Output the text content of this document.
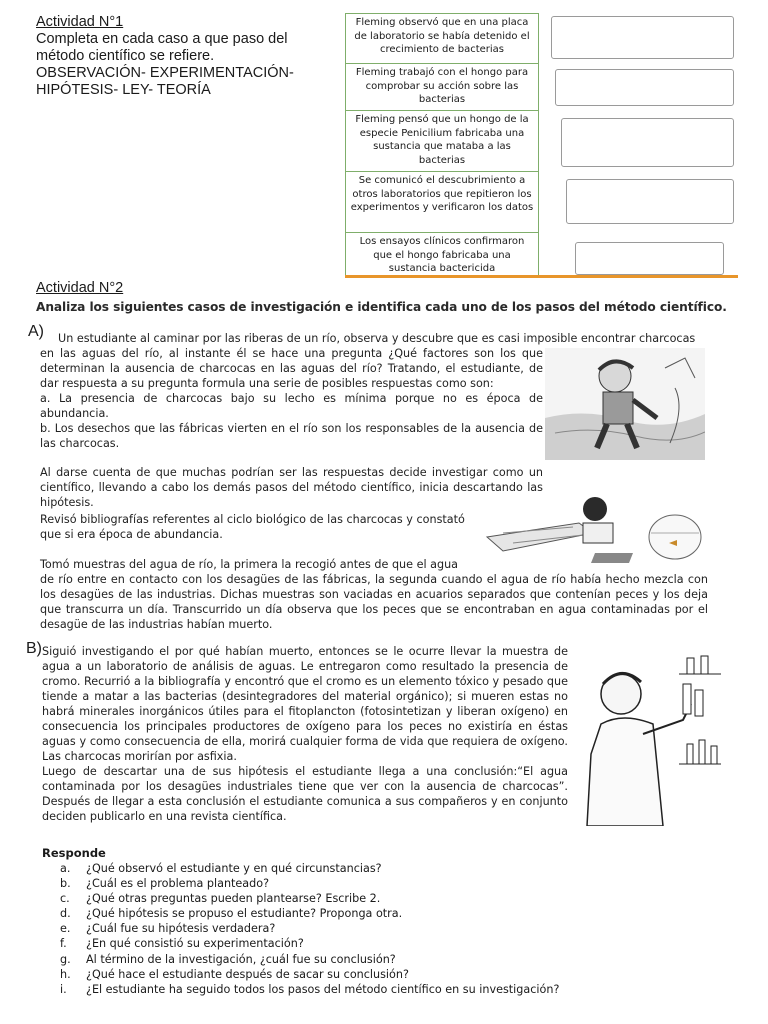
Actividad N°1
Completa en cada caso a que paso del método científico se refiere.
OBSERVACIÓN- EXPERIMENTACIÓN- HIPÓTESIS- LEY- TEORÍA
Fleming observó que en una placa de laboratorio se había detenido el crecimiento de bacterias
Fleming trabajó con el hongo para comprobar su acción sobre las bacterias
Fleming pensó que un hongo de la especie Penicilium fabricaba una sustancia que mataba a las bacterias
Se comunicó el descubrimiento a otros laboratorios que repitieron los experimentos y verificaron los datos
Los ensayos clínicos confirmaron que el hongo fabricaba una sustancia bactericida
Actividad N°2
Analiza los siguientes casos de investigación e identifica cada uno de los pasos del método científico.
A) Un estudiante al caminar por las riberas de un río, observa y descubre que es casi imposible encontrar charcocas

en las aguas del río, al instante él se hace una pregunta ¿Qué factores son los que determinan la ausencia de charcocas en las aguas del río? Tratando, el estudiante, de dar respuesta a su pregunta formula una serie de posibles respuestas como son:

a. La presencia de charcocas bajo su lecho es mínima porque no es época de abundancia.

b. Los desechos que las fábricas vierten en el río son los responsables de la ausencia de las charcocas.

Al darse cuenta de que muchas podrían ser las respuestas decide investigar como un científico, llevando a cabo los demás pasos del método científico, inicia descartando las hipótesis.

Revisó bibliografías referentes al ciclo biológico de las charcocas y constató que si era época de abundancia.
Tomó muestras del agua de río, la primera la recogió antes de que el agua
de río entre en contacto con los desagües de las fábricas, la segunda cuando el agua de río había hecho mezcla con los desagües de las industrias. Dichas muestras son vaciadas en acuarios separados que contenían peces y los deja que transcurra un día. Transcurrido un día observa que los peces que se encontraban en agua contaminadas por el desagüe de las industrias habían muerto.
B) Siguió investigando el por qué habían muerto, entonces se le ocurre llevar la muestra de agua a un laboratorio de análisis de aguas. Le entregaron como resultado la presencia de cromo. Recurrió a la bibliografía y encontró que el cromo es un elemento tóxico y pesado que tiende a matar a las bacterias (desintegradores del material orgánico); si mueren estas no habrá minerales inorgánicos útiles para el fitoplancton (fotosintetizan y liberan oxígeno) en consecuencia los principales productores de oxígeno para los peces no existiría en éstas aguas y como consecuencia de ella, morirá cualquier forma de vida que requiera de oxígeno. Las charcocas morirían por asfixia.

Luego de descartar una de sus hipótesis el estudiante llega a una conclusión:“El agua contaminada por los desagües industriales tiene que ver con la ausencia de charcocas”. Después de llegar a esta conclusión el estudiante comunica a sus compañeros y en conjunto deciden publicarlo en una revista científica.

Responde
a.	¿Qué observó el estudiante y en qué circunstancias?
b.	¿Cuál es el problema planteado?
c.	¿Qué otras preguntas pueden plantearse? Escribe 2.
d.	¿Qué hipótesis se propuso el estudiante? Proponga otra.
e.	¿Cuál fue su hipótesis verdadera?
f.	¿En qué consistió su experimentación?
g.	Al término de la investigación, ¿cuál fue su conclusión?
h.	¿Qué hace el estudiante después de sacar su conclusión?
i.	¿El estudiante ha seguido todos los pasos del método científico en su investigación?
